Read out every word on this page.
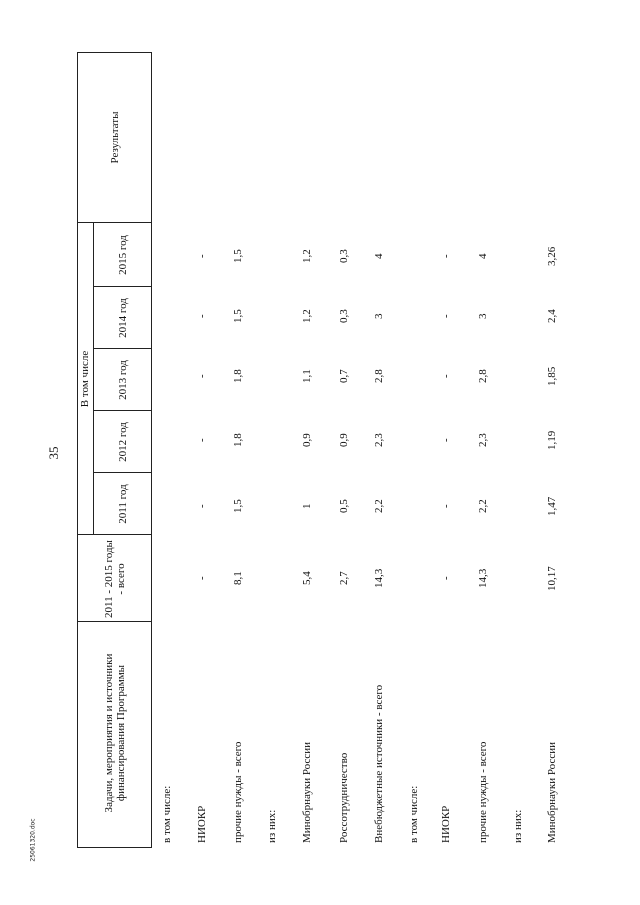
35
25061320.doc
Задачи, мероприятия и источники финансирования Программы
2011 - 2015 годы - всего
В том числе
2011 год
2012 год
2013 год
2014 год
2015 год
Результаты
в том числе: НИОКР прочие нужды - всего из них: Минобрнауки России Россотрудничество Внебюджетные источники - всего в том числе: НИОКР прочие нужды - всего из них: Минобрнауки России
-
-
-
-
-
-
8,1
1,5
1,8
1,8
1,5
1,5
5,4
1
0,9
1,1
1,2
1,2
2,7
0,5
0,9
0,7
0,3
0,3
14,3
2,2
2,3
2,8
3
4
-
-
-
-
-
-
14,3
2,2
2,3
2,8
3
4
10,17
1,47
1,19
1,85
2,4
3,26
